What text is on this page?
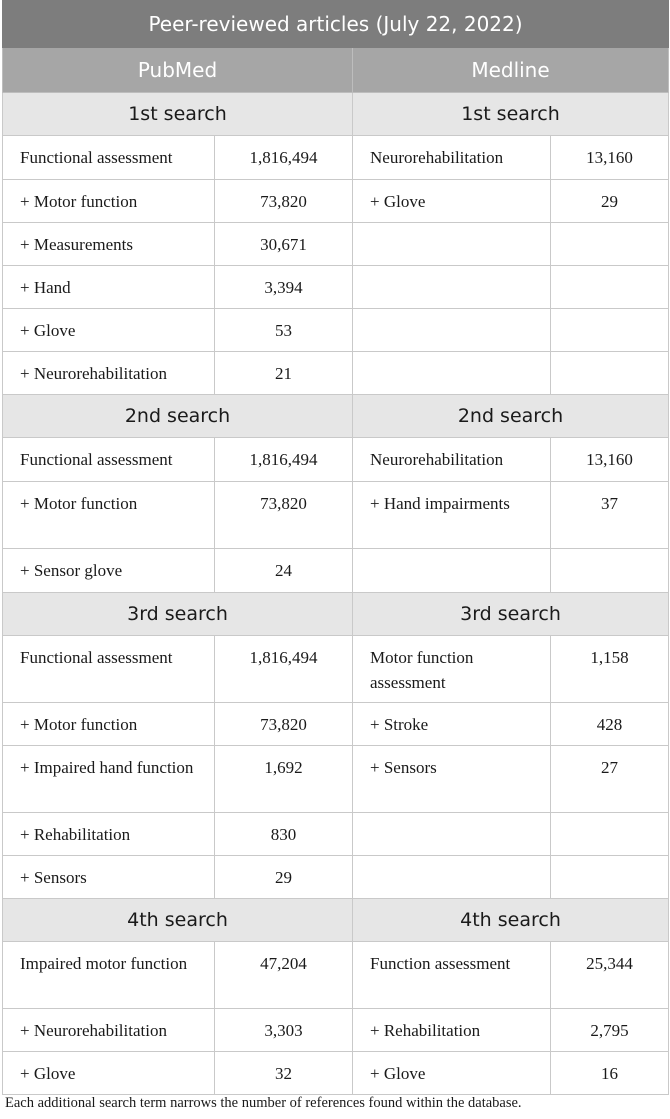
Peer-reviewed articles (July 22, 2022)			
PubMed		Medline	
1st search		1st search	
Functional assessment	1,816,494	Neurorehabilitation	13,160
+ Motor function	73,820	+ Glove	29
+ Measurements	30,671		
+ Hand	3,394		
+ Glove	53		
+ Neurorehabilitation	21		
2nd search		2nd search	
Functional assessment	1,816,494	Neurorehabilitation	13,160
+ Motor function	73,820	+ Hand impairments	37
+ Sensor glove	24		
3rd search		3rd search	
Functional assessment	1,816,494	Motor function assessment	1,158
+ Motor function	73,820	+ Stroke	428
+ Impaired hand function	1,692	+ Sensors	27
+ Rehabilitation	830		
+ Sensors	29		
4th search		4th search	
Impaired motor function	47,204	Function assessment	25,344
+ Neurorehabilitation	3,303	+ Rehabilitation	2,795
+ Glove	32	+ Glove	16
Each additional search term narrows the number of references found within the database.
